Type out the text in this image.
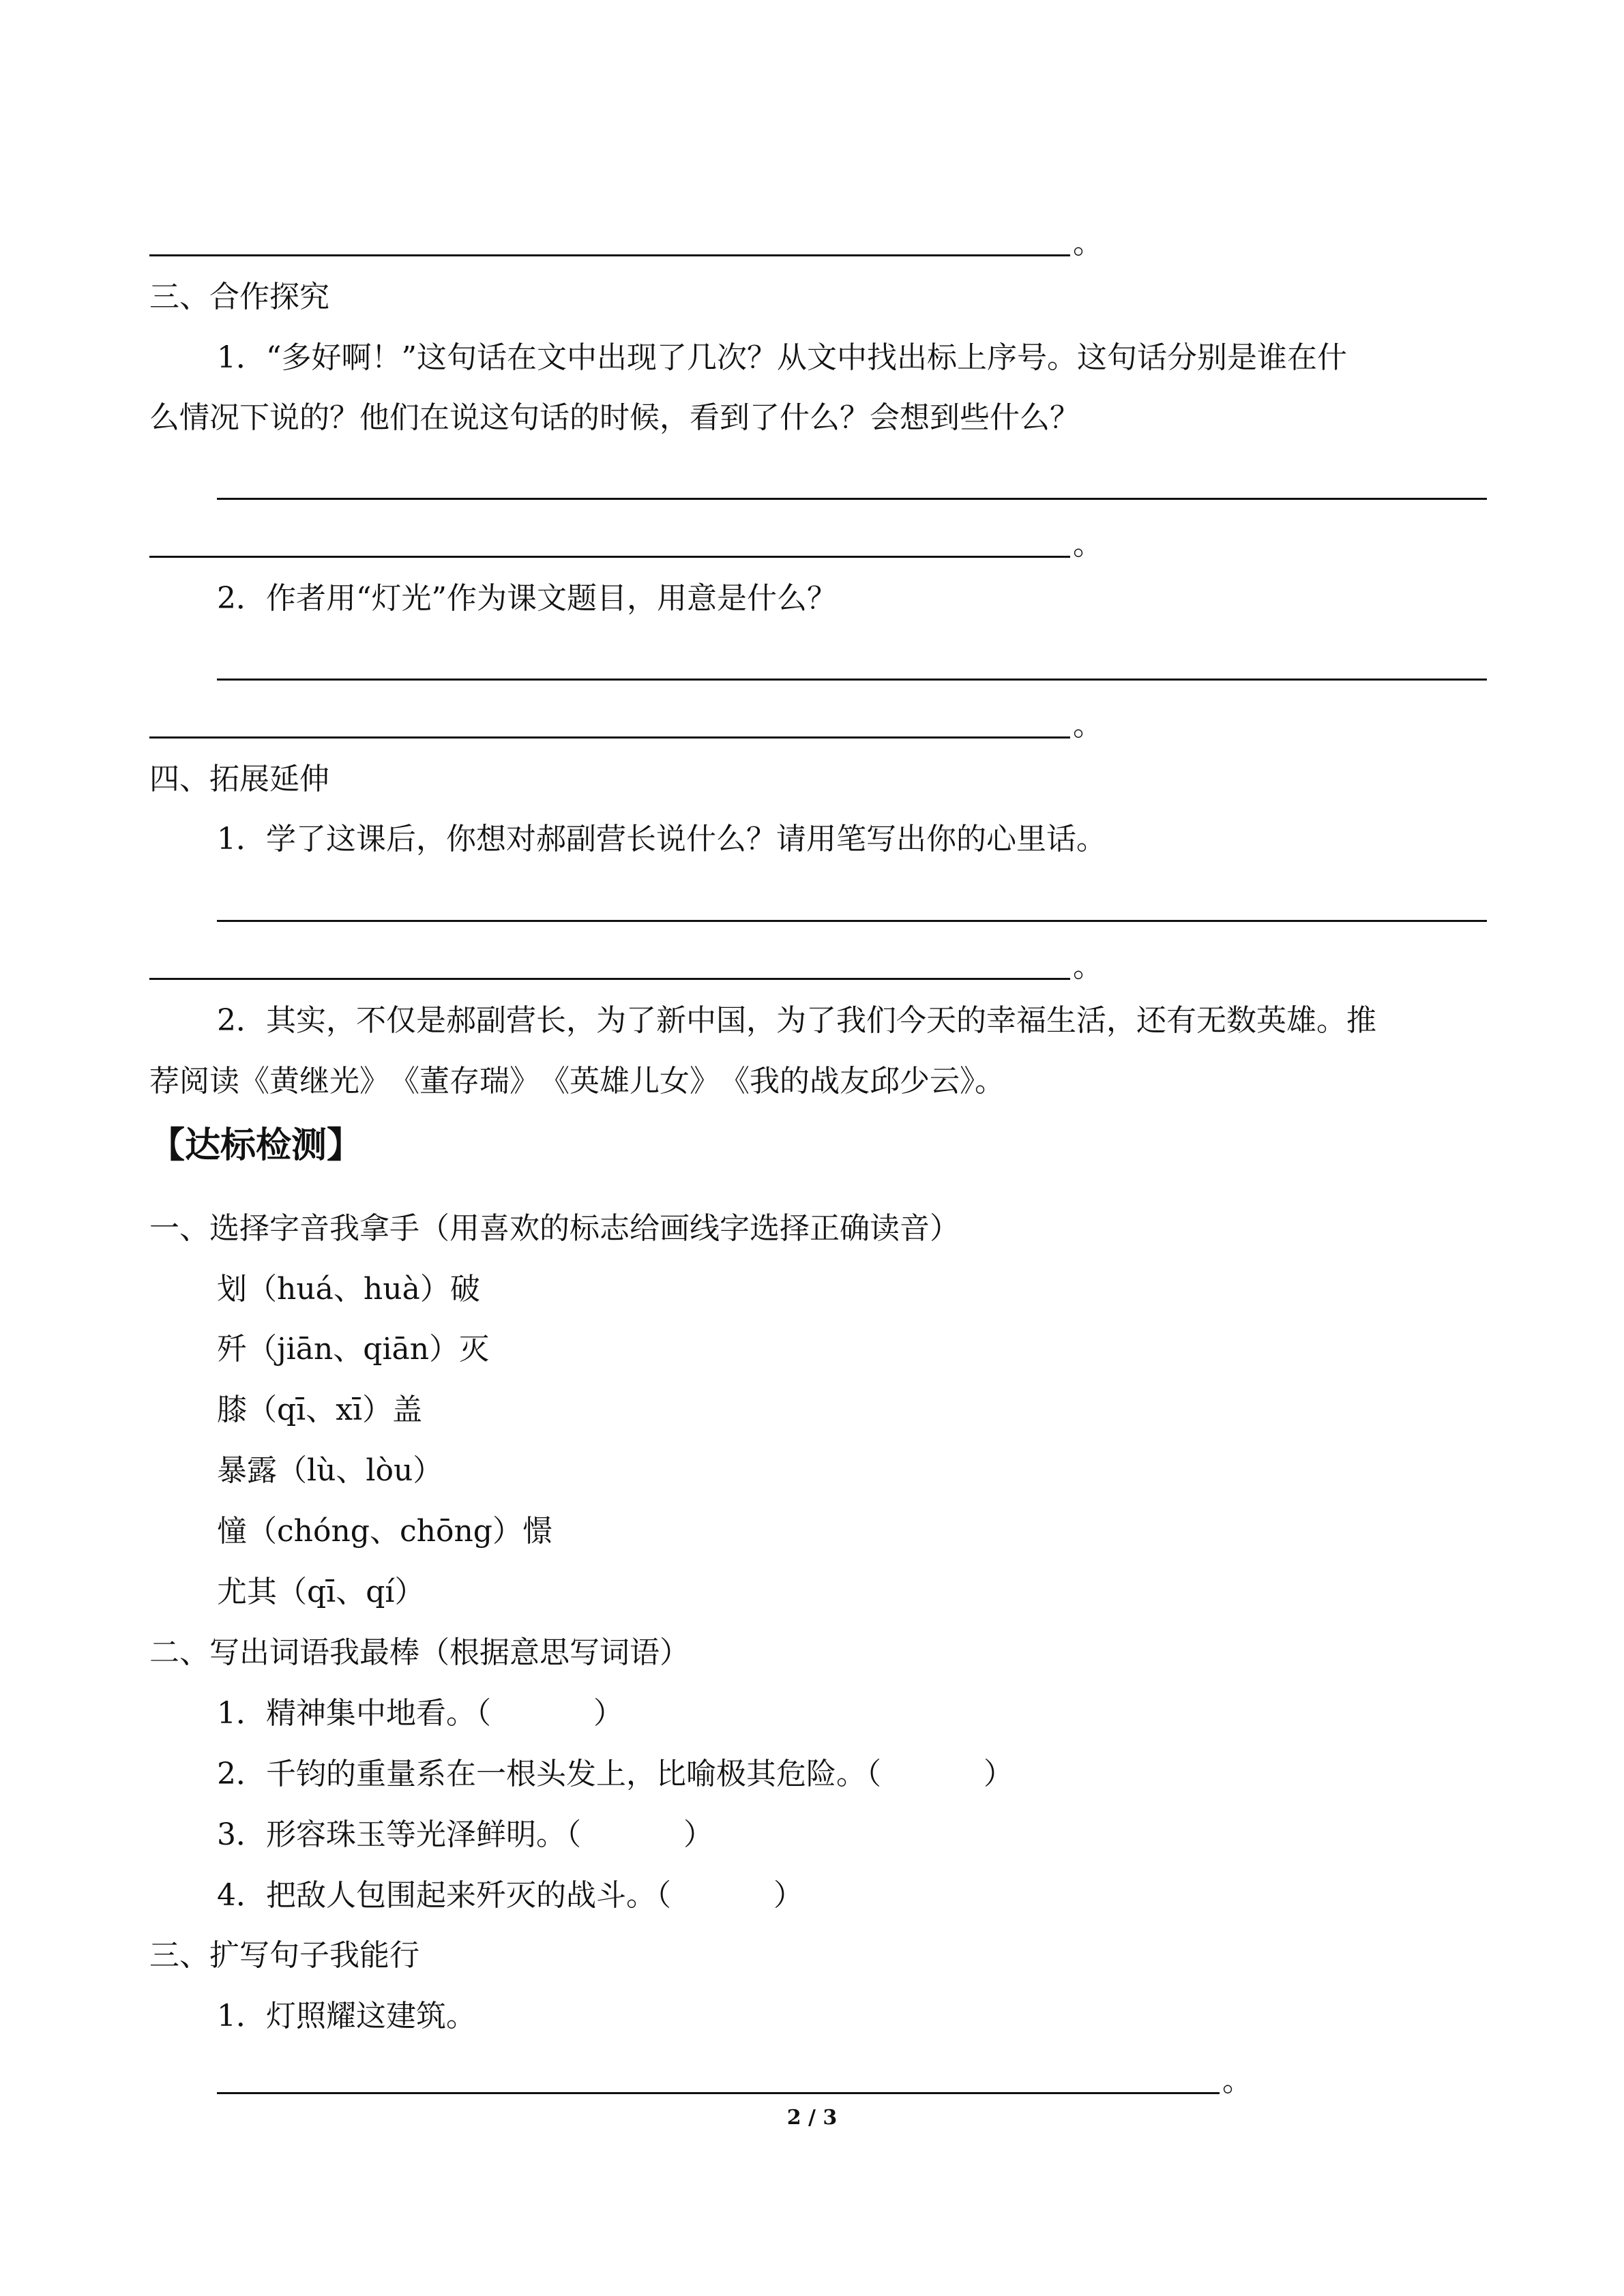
。
三、合作探究
1．“多好啊！”这句话在文中出现了几次？从文中找出标上序号。这句话分别是谁在什
么情况下说的？他们在说这句话的时候，看到了什么？会想到些什么？
。
2．作者用“灯光”作为课文题目，用意是什么？
。
四、拓展延伸
1．学了这课后，你想对郝副营长说什么？请用笔写出你的心里话。
。
2．其实，不仅是郝副营长，为了新中国，为了我们今天的幸福生活，还有无数英雄。推
荐阅读《黄继光》　《董存瑞》　《英雄儿女》　《我的战友邱少云》。
【达标检测】
一、选择字音我拿手（用喜欢的标志给画线字选择正确读音）
划（huá、huà）破
歼（jiān、qiān）灭
膝（qī、xī）盖
暴露（lù、lòu）
憧（chóng、chōng）憬
尤其（qī、qí）
二、写出词语我最棒（根据意思写词语）
1．精神集中地看。（	）
2．千钧的重量系在一根头发上，比喻极其危险。（	）
3．形容珠玉等光泽鲜明。（	）
4．把敌人包围起来歼灭的战斗。（	）
三、扩写句子我能行
1．灯照耀这建筑。
。
2 / 3
